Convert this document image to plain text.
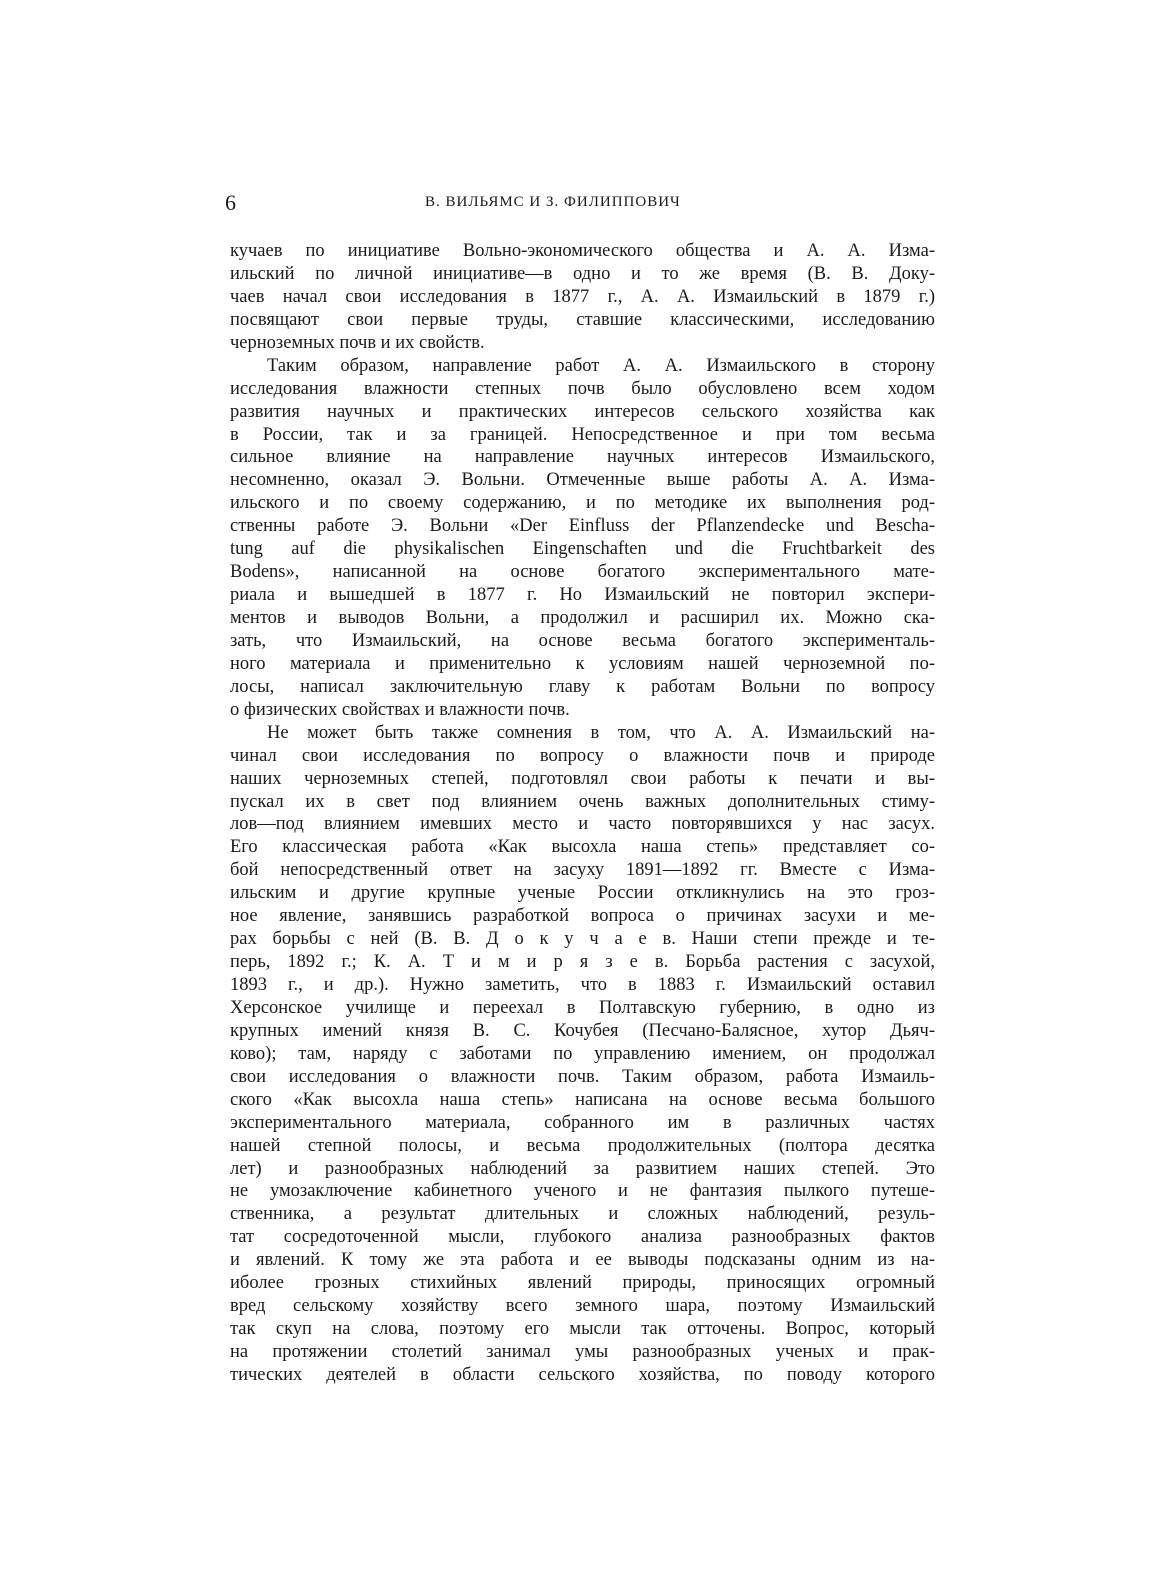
6	В. ВИЛЬЯМС И З. ФИЛИППОВИЧ
кучаев по инициативе Вольно-экономического общества и А. А. Изма-
ильский по личной инициативе—в одно и то же время (В. В. Доку-
чаев начал свои исследования в 1877 г., А. А. Измаильский в 1879 г.)
посвящают свои первые труды, ставшие классическими, исследованию
черноземных почв и их свойств.
Таким образом, направление работ А. А. Измаильского в сторону
исследования влажности степных почв было обусловлено всем ходом
развития научных и практических интересов сельского хозяйства как
в России, так и за границей. Непосредственное и при том весьма
сильное влияние на направление научных интересов Измаильского,
несомненно, оказал Э. Вольни. Отмеченные выше работы А. А. Изма-
ильского и по своему содержанию, и по методике их выполнения род-
ственны работе Э. Вольни «Der Einfluss der Pflanzendecke und Bescha-
tung auf die physikalischen Eingenschaften und die Fruchtbarkeit des
Bodens», написанной на основе богатого экспериментального мате-
риала и вышедшей в 1877 г. Но Измаильский не повторил экспери-
ментов и выводов Вольни, а продолжил и расширил их. Можно ска-
зать, что Измаильский, на основе весьма богатого эксперименталь-
ного материала и применительно к условиям нашей черноземной по-
лосы, написал заключительную главу к работам Вольни по вопросу
о физических свойствах и влажности почв.
Не может быть также сомнения в том, что А. А. Измаильский на-
чинал свои исследования по вопросу о влажности почв и природе
наших черноземных степей, подготовлял свои работы к печати и вы-
пускал их в свет под влиянием очень важных дополнительных стиму-
лов—под влиянием имевших место и часто повторявшихся у нас засух.
Его классическая работа «Как высохла наша степь» представляет со-
бой непосредственный ответ на засуху 1891—1892 гг. Вместе с Изма-
ильским и другие крупные ученые России откликнулись на это гроз-
ное явление, занявшись разработкой вопроса о причинах засухи и ме-
рах борьбы с ней (В. В. Д о к у ч а е в. Наши степи прежде и те-
перь, 1892 г.; К. А. Т и м и р я з е в. Борьба растения с засухой,
1893 г., и др.). Нужно заметить, что в 1883 г. Измаильский оставил
Херсонское училище и переехал в Полтавскую губернию, в одно из
крупных имений князя В. С. Кочубея (Песчано-Балясное, хутор Дьяч-
ково); там, наряду с заботами по управлению имением, он продолжал
свои исследования о влажности почв. Таким образом, работа Измаиль-
ского «Как высохла наша степь» написана на основе весьма большого
экспериментального материала, собранного им в различных частях
нашей степной полосы, и весьма продолжительных (полтора десятка
лет) и разнообразных наблюдений за развитием наших степей. Это
не умозаключение кабинетного ученого и не фантазия пылкого путеше-
ственника, а результат длительных и сложных наблюдений, резуль-
тат сосредоточенной мысли, глубокого анализа разнообразных фактов
и явлений. К тому же эта работа и ее выводы подсказаны одним из на-
иболее грозных стихийных явлений природы, приносящих огромный
вред сельскому хозяйству всего земного шара, поэтому Измаильский
так скуп на слова, поэтому его мысли так отточены. Вопрос, который
на протяжении столетий занимал умы разнообразных ученых и прак-
тических деятелей в области сельского хозяйства, по поводу которого
